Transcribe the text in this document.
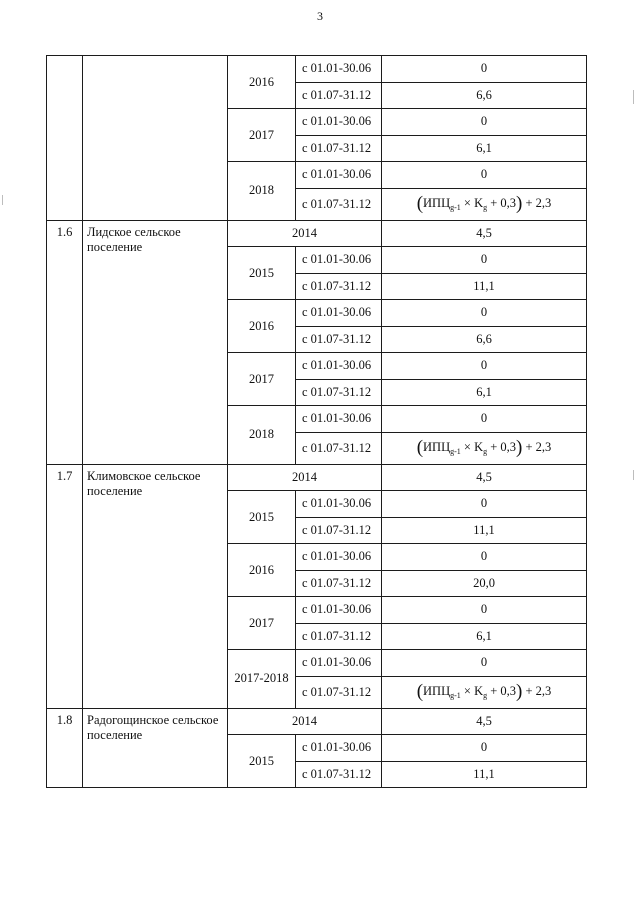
3
		2016	с 01.01-30.06	0
			с 01.07-31.12	6,6
		2017	с 01.01-30.06	0
			с 01.07-31.12	6,1
		2018	с 01.01-30.06	0
			с 01.07-31.12	$(ИПЦ_{g-1} \times K_g + 0,3) + 2,3$
1.6	Лидское сельское поселение	2014		4,5
		2015	с 01.01-30.06	0
			с 01.07-31.12	11,1
		2016	с 01.01-30.06	0
			с 01.07-31.12	6,6
		2017	с 01.01-30.06	0
			с 01.07-31.12	6,1
		2018	с 01.01-30.06	0
			с 01.07-31.12	$(ИПЦ_{g-1} \times K_g + 0,3) + 2,3$
1.7	Климовское сельское поселение	2014		4,5
		2015	с 01.01-30.06	0
			с 01.07-31.12	11,1
		2016	с 01.01-30.06	0
			с 01.07-31.12	20,0
		2017	с 01.01-30.06	0
			с 01.07-31.12	6,1
		2017-2018	с 01.01-30.06	0
			с 01.07-31.12	$(ИПЦ_{g-1} \times K_g + 0,3) + 2,3$
1.8	Радогощинское сельское поселение	2014		4,5
		2015	с 01.01-30.06	0
			с 01.07-31.12	11,1
